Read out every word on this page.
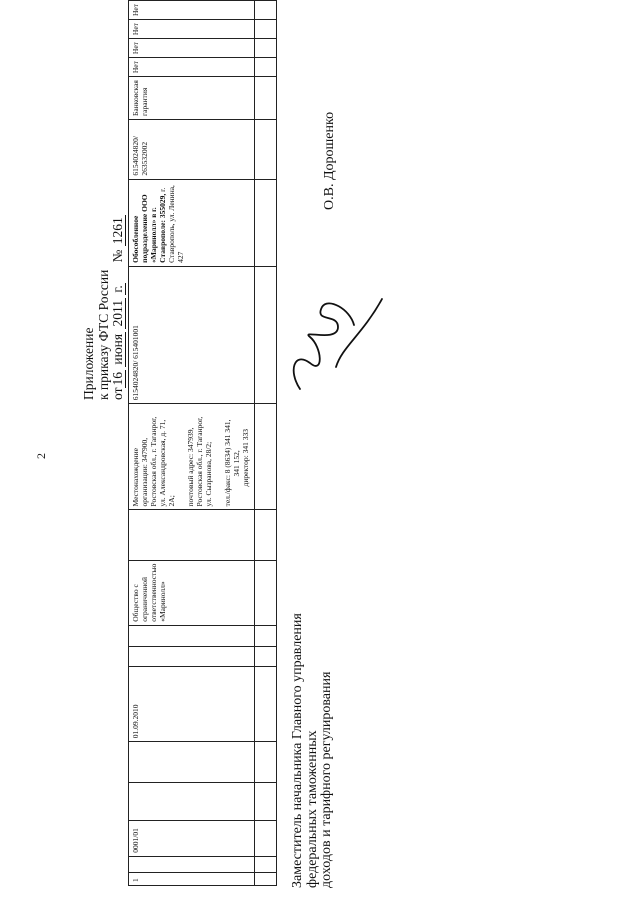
2
Приложение к приказу ФТС России от16 июня 2011 г.  № 1261
1		0001/01			01.09.2010			Общество с ограниченной ответственностью «Маринолл»		Местонахождение организации: 347900, Ростовская обл., г. Таганрог, ул. Александровская, д. 71, 2А; почтовый адрес: 347939, Ростовская обл., г. Таганрог, ул. Сызранова, 28/2; тел./факс: 8 (8634) 341 341,
341 152,
директор: 341 333	6154024820/ 615401001	Обособленное подразделение ООО «Маринолл» в г. Ставрополе: 355029, г. Ставрополь, ул. Ленина, 427	6154024820/ 263532002	Банковская гарантия	Нет	Нет	Нет	Нет

Заместитель начальника Главного управления федеральных таможенных доходов и тарифного регулирования
О.В. Дорошенко
